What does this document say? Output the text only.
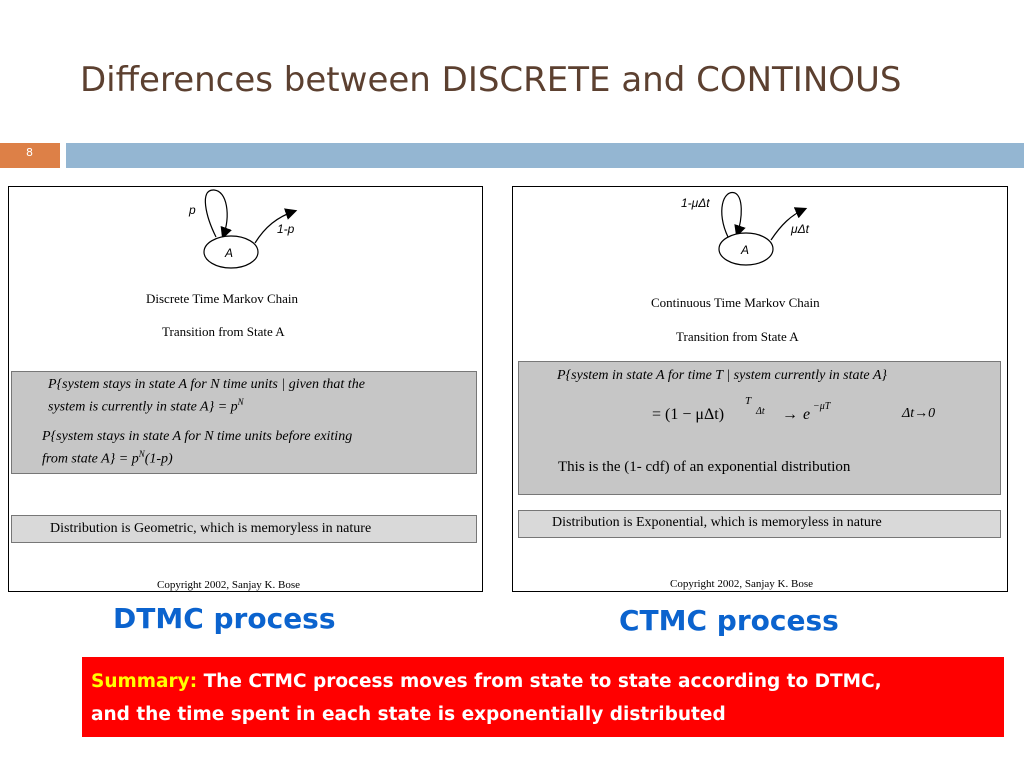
Differences between DISCRETE and CONTINOUS
8
A
p
1-p
Discrete Time Markov Chain
Transition from State A
P{system stays in state A for N time units | given that the
system is currently in state $A\} = p^N$
P{system stays in state A for N time units before exiting
from state $A\} = p^N(1-p)$
Distribution is Geometric, which is memoryless in nature
Copyright 2002, Sanjay K. Bose
A
1-μΔt
μΔt
Continuous Time Markov Chain
Transition from State A
P{system in state A for time T | system currently in state A}
= (1 − μΔt)
T
Δt → e −μT	Δt→0
This is the (1- cdf) of an exponential distribution
Distribution is Exponential, which is memoryless in nature
Copyright 2002, Sanjay K. Bose
DTMC process	CTMC process
Summary: The CTMC process moves from state to state according to DTMC,
and the time spent in each state is exponentially distributed
